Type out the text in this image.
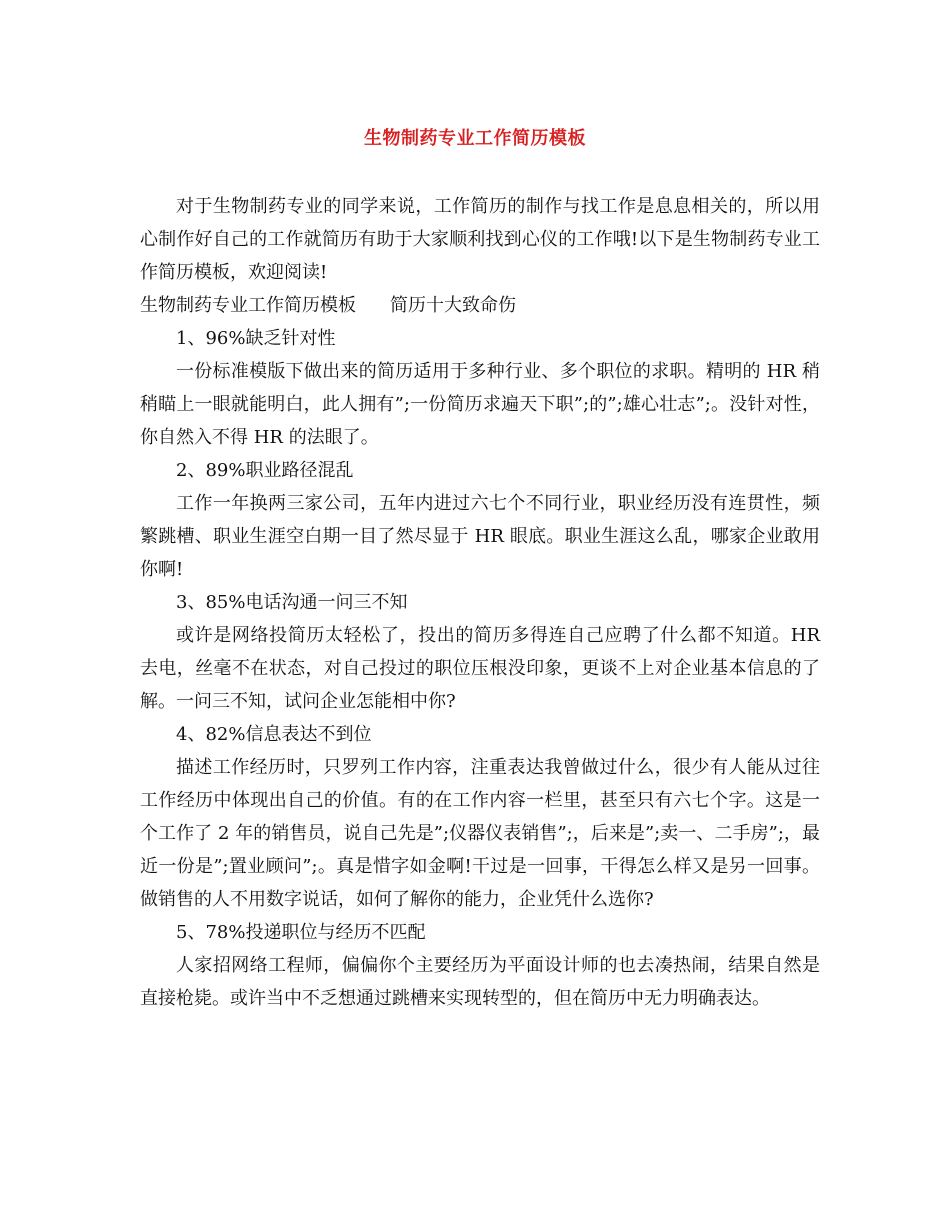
生物制药专业工作简历模板

对于生物制药专业的同学来说，工作简历的制作与找工作是息息相关的，所以用心制作好自己的工作就简历有助于大家顺利找到心仪的工作哦!以下是生物制药专业工作简历模板，欢迎阅读!

生物制药专业工作简历模板 简历十大致命伤

1、96%缺乏针对性

一份标准模版下做出来的简历适用于多种行业、多个职位的求职。精明的 HR 稍稍瞄上一眼就能明白，此人拥有”;一份简历求遍天下职”;的”;雄心壮志”;。没针对性，你自然入不得 HR 的法眼了。

2、89%职业路径混乱

工作一年换两三家公司，五年内进过六七个不同行业，职业经历没有连贯性，频繁跳槽、职业生涯空白期一目了然尽显于 HR 眼底。职业生涯这么乱，哪家企业敢用你啊!

3、85%电话沟通一问三不知

或许是网络投简历太轻松了，投出的简历多得连自己应聘了什么都不知道。HR 去电，丝毫不在状态，对自己投过的职位压根没印象，更谈不上对企业基本信息的了解。一问三不知，试问企业怎能相中你?

4、82%信息表达不到位

描述工作经历时，只罗列工作内容，注重表达我曾做过什么，很少有人能从过往工作经历中体现出自己的价值。有的在工作内容一栏里，甚至只有六七个字。这是一个工作了 2 年的销售员，说自己先是”;仪器仪表销售”;，后来是”;卖一、二手房”;，最近一份是”;置业顾问”;。真是惜字如金啊!干过是一回事，干得怎么样又是另一回事。做销售的人不用数字说话，如何了解你的能力，企业凭什么选你?

5、78%投递职位与经历不匹配

人家招网络工程师，偏偏你个主要经历为平面设计师的也去凑热闹，结果自然是直接枪毙。或许当中不乏想通过跳槽来实现转型的，但在简历中无力明确表达。
